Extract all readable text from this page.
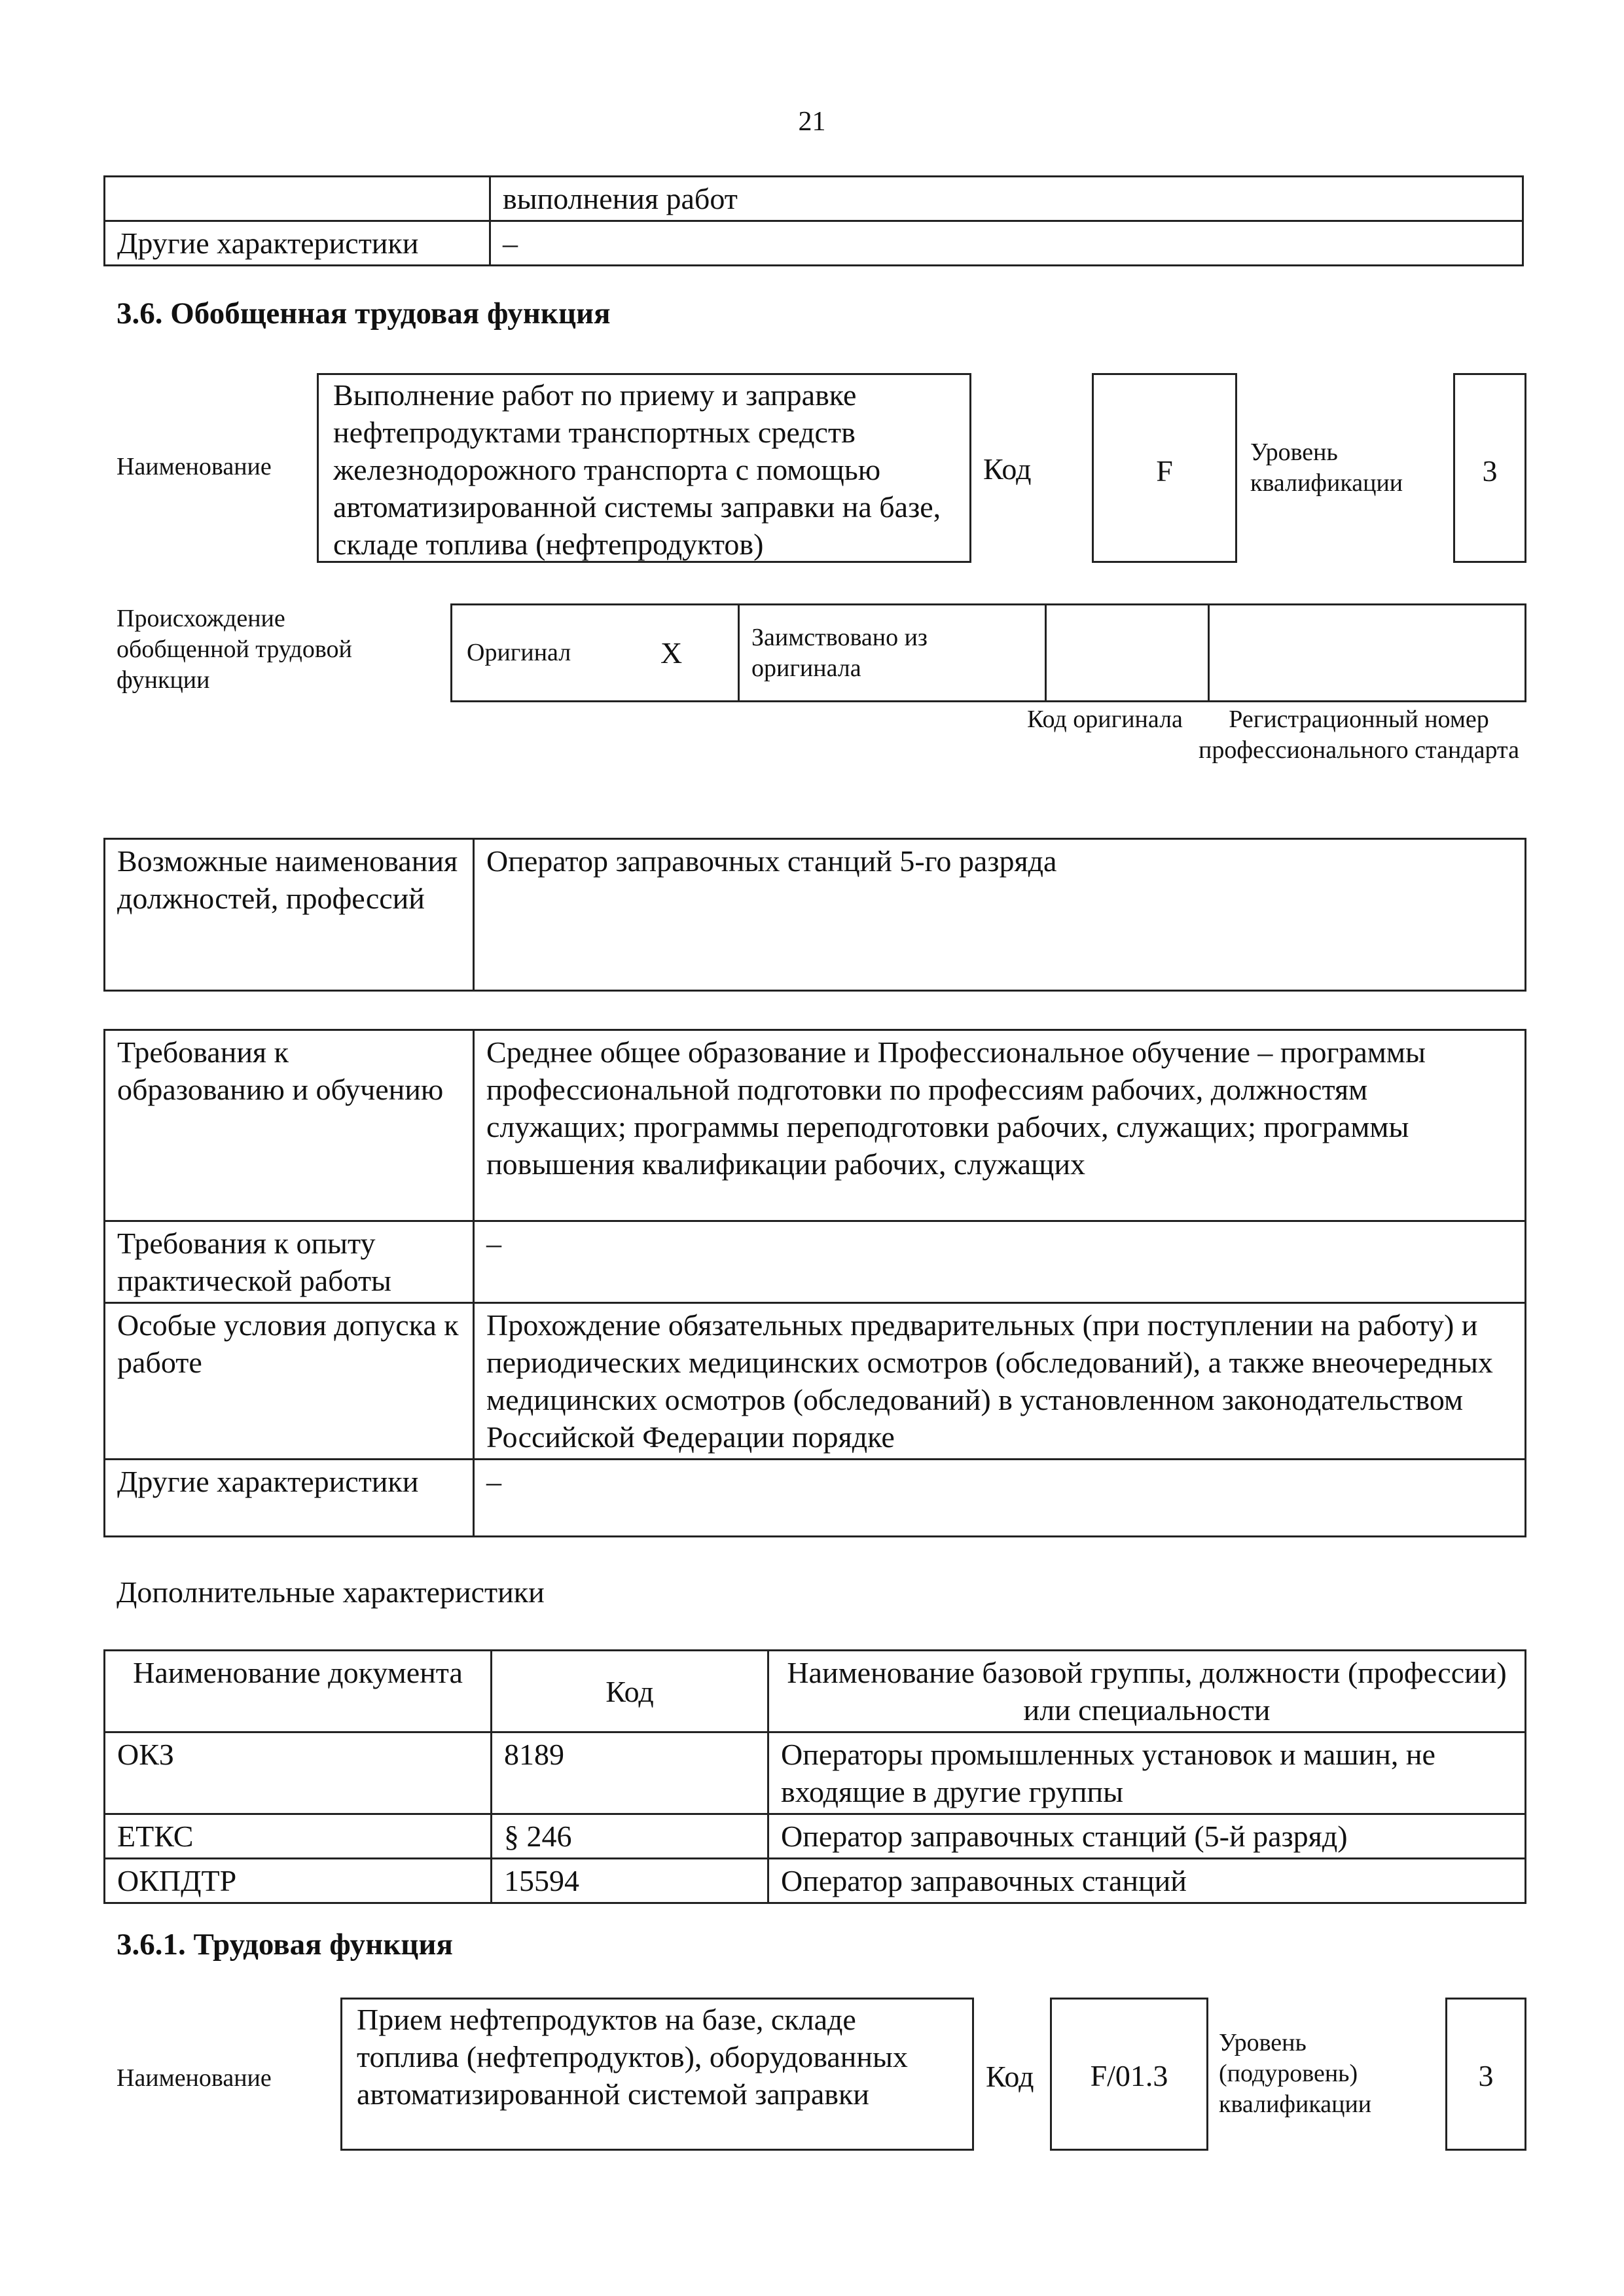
21
	выполнения работ
Другие характеристики	–
3.6. Обобщенная трудовая функция
Наименование
Выполнение работ по приему и заправке нефтепродуктами транспортных средств железнодорожного транспорта с помощью автоматизированной системы заправки на базе, складе топлива (нефтепродуктов)
Код	F
Уровень квалификации	3
Происхождение обобщенной трудовой функции
Оригинал	X	Заимствовано из оригинала		
Код оригинала	Регистрационный номер профессионального стандарта
Возможные наименования должностей, профессий	Оператор заправочных станций 5-го разряда
Требования к образованию и обучению	Среднее общее образование и Профессиональное обучение – программы профессиональной подготовки по профессиям рабочих, должностям служащих; программы переподготовки рабочих, служащих; программы повышения квалификации рабочих, служащих
Требования к опыту практической работы	–
Особые условия допуска к работе	Прохождение обязательных предварительных (при поступлении на работу) и периодических медицинских осмотров (обследований), а также внеочередных медицинских осмотров (обследований) в установленном законодательством Российской Федерации порядке
Другие характеристики	–
Дополнительные характеристики
Наименование документа	Код	Наименование базовой группы, должности (профессии) или специальности
ОКЗ	8189	Операторы промышленных установок и машин, не входящие в другие группы
ЕТКС	§ 246	Оператор заправочных станций (5-й разряд)
ОКПДТР	15594	Оператор заправочных станций
3.6.1. Трудовая функция
Наименование
Прием нефтепродуктов на базе, складе топлива (нефтепродуктов), оборудованных автоматизированной системой заправки
Код	F/01.3
Уровень (подуровень) квалификации
3
